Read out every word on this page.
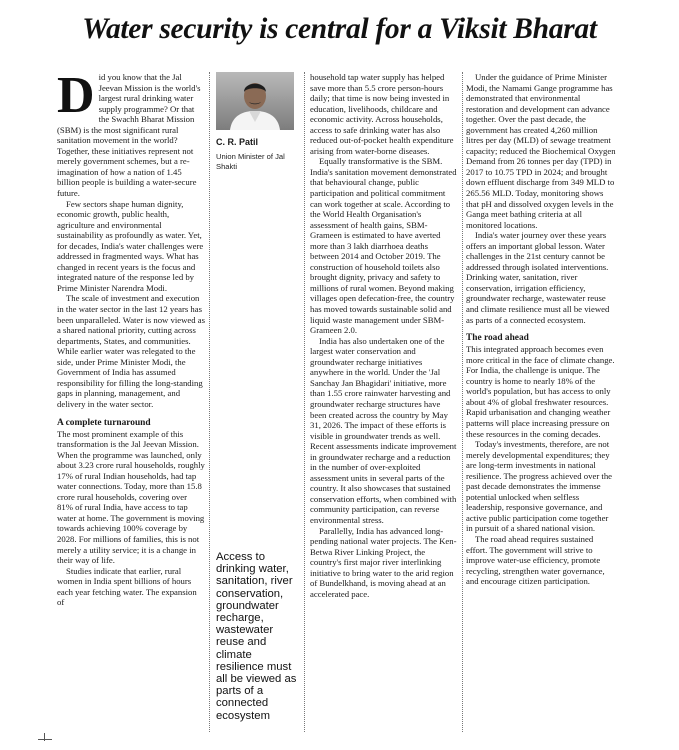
Water security is central for a Viksit Bharat

Did you know that the Jal Jeevan Mission is the world's largest rural drinking water supply programme? Or that the Swachh Bharat Mission (SBM) is the most significant rural sanitation movement in the world? Together, these initiatives represent not merely government schemes, but a re-imagination of how a nation of 1.45 billion people is building a water-secure future.

Few sectors shape human dignity, economic growth, public health, agriculture and environmental sustainability as profoundly as water. Yet, for decades, India's water challenges were addressed in fragmented ways. What has changed in recent years is the focus and integrated nature of the response led by Prime Minister Narendra Modi.

The scale of investment and execution in the water sector in the last 12 years has been unparalleled. Water is now viewed as a shared national priority, cutting across departments, States, and communities. While earlier water was relegated to the side, under Prime Minister Modi, the Government of India has assumed responsibility for filling the long-standing gaps in planning, management, and delivery in the water sector.

A complete turnaround

The most prominent example of this transformation is the Jal Jeevan Mission. When the programme was launched, only about 3.23 crore rural households, roughly 17% of rural Indian households, had tap water connections. Today, more than 15.8 crore rural households, covering over 81% of rural India, have access to tap water at home. The government is moving towards achieving 100% coverage by 2028. For millions of families, this is not merely a utility service; it is a change in their way of life.

Studies indicate that earlier, rural women in India spent billions of hours each year fetching water. The expansion of

C. R. Patil
Union Minister of Jal Shakti
Access to drinking water, sanitation, river conservation, groundwater recharge, wastewater reuse and climate resilience must all be viewed as parts of a connected ecosystem

household tap water supply has helped save more than 5.5 crore person-hours daily; that time is now being invested in education, livelihoods, childcare and economic activity. Across households, access to safe drinking water has also reduced out-of-pocket health expenditure arising from water-borne diseases.

Equally transformative is the SBM. India's sanitation movement demonstrated that behavioural change, public participation and political commitment can work together at scale. According to the World Health Organisation's assessment of health gains, SBM-Grameen is estimated to have averted more than 3 lakh diarrhoea deaths between 2014 and October 2019. The construction of household toilets also brought dignity, privacy and safety to millions of rural women. Beyond making villages open defecation-free, the country has moved towards sustainable solid and liquid waste management under SBM-Grameen 2.0.

India has also undertaken one of the largest water conservation and groundwater recharge initiatives anywhere in the world. Under the 'Jal Sanchay Jan Bhagidari' initiative, more than 1.55 crore rainwater harvesting and groundwater recharge structures have been created across the country by May 31, 2026. The impact of these efforts is visible in groundwater trends as well. Recent assessments indicate improvement in groundwater recharge and a reduction in the number of over-exploited assessment units in several parts of the country. It also showcases that sustained conservation efforts, when combined with community participation, can reverse environmental stress.

Parallelly, India has advanced long-pending national water projects. The Ken-Betwa River Linking Project, the country's first major river interlinking initiative to bring water to the arid region of Bundelkhand, is moving ahead at an accelerated pace.

Under the guidance of Prime Minister Modi, the Namami Gange programme has demonstrated that environmental restoration and development can advance together. Over the past decade, the government has created 4,260 million litres per day (MLD) of sewage treatment capacity; reduced the Biochemical Oxygen Demand from 26 tonnes per day (TPD) in 2017 to 10.75 TPD in 2024; and brought down effluent discharge from 349 MLD to 265.56 MLD. Today, monitoring shows that pH and dissolved oxygen levels in the Ganga meet bathing criteria at all monitored locations.

India's water journey over these years offers an important global lesson. Water challenges in the 21st century cannot be addressed through isolated interventions. Drinking water, sanitation, river conservation, irrigation efficiency, groundwater recharge, wastewater reuse and climate resilience must all be viewed as parts of a connected ecosystem.

The road ahead

This integrated approach becomes even more critical in the face of climate change. For India, the challenge is unique. The country is home to nearly 18% of the world's population, but has access to only about 4% of global freshwater resources. Rapid urbanisation and changing weather patterns will place increasing pressure on these resources in the coming decades.

Today's investments, therefore, are not merely developmental expenditures; they are long-term investments in national resilience. The progress achieved over the past decade demonstrates the immense potential unlocked when selfless leadership, responsive governance, and active public participation come together in pursuit of a shared national vision.

The road ahead requires sustained effort. The government will strive to improve water-use efficiency, promote recycling, strengthen water governance, and encourage citizen participation.
